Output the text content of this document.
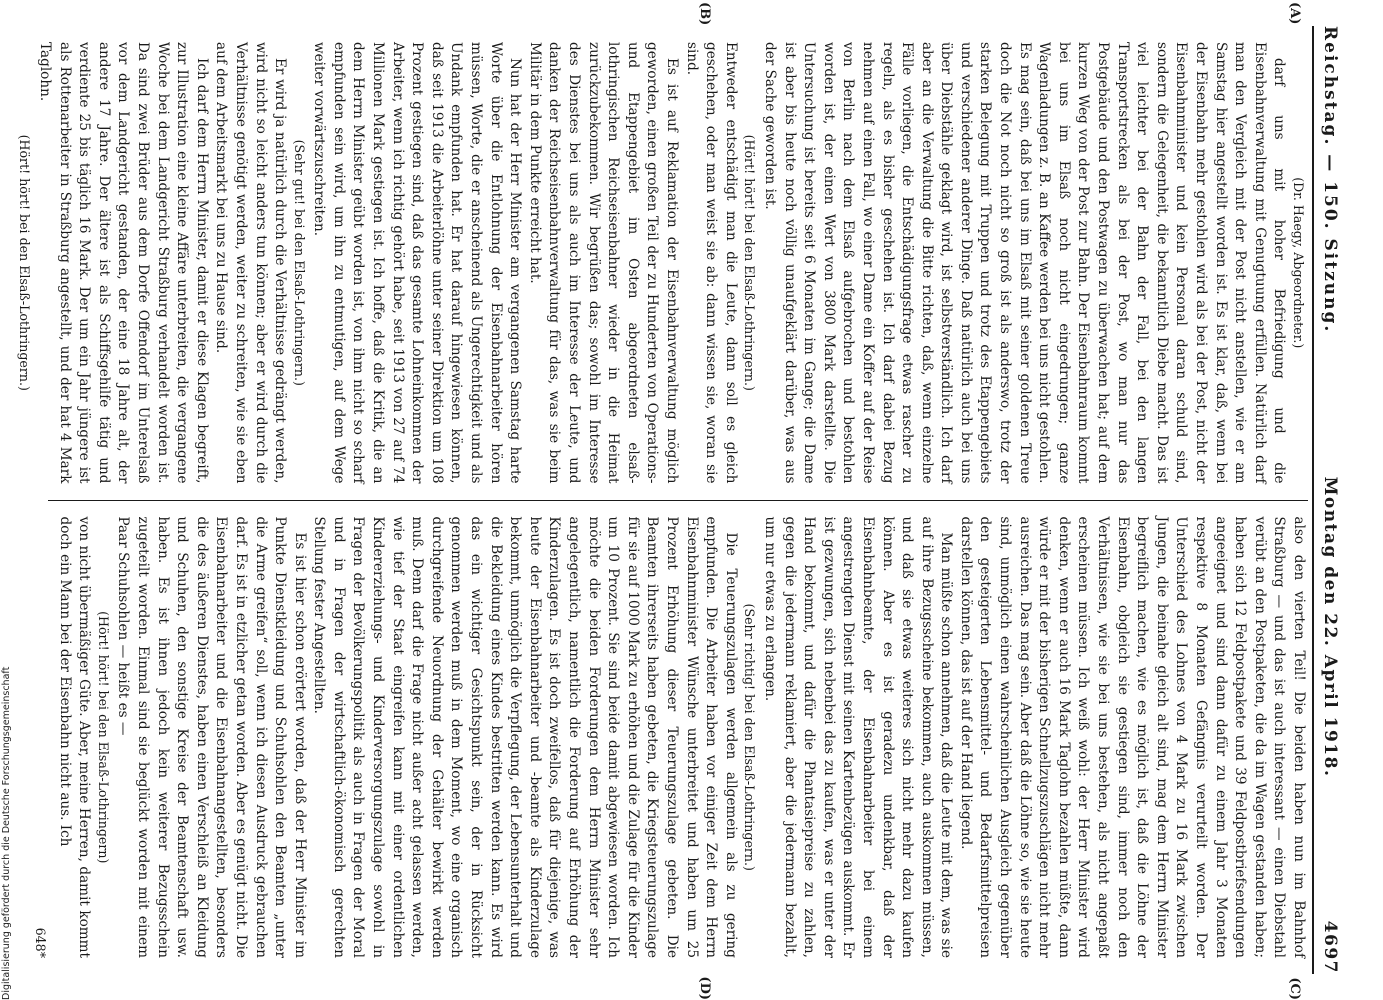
Reichstag. — 150. Sitzung.
Montag den 22. April 1918.
4697

(Dr. Haegy, Abgeordneter.)

darf uns mit hoher Befriedigung und die Eisenbahnverwaltung mit Genugtuung erfüllen. Natürlich darf man den Vergleich mit der Post nicht anstellen, wie er am Samstag hier angestellt worden ist. Es ist klar, daß, wenn bei der Eisenbahn mehr gestohlen wird als bei der Post, nicht der Eisenbahnminister und kein Personal daran schuld sind, sondern die Gelegenheit, die bekanntlich Diebe macht. Das ist viel leichter bei der Bahn der Fall, bei den langen Transportstrecken als bei der Post, wo man nur das Postgebäude und den Postwagen zu überwachen hat; auf dem kurzen Weg von der Post zur Bahn. Der Eisenbahnraum kommt bei uns im Elsaß noch nicht eingedrungen; ganze Wagenladungen z. B. an Kaffee werden bei uns nicht gestohlen. Es mag sein, daß bei uns im Elsaß mit seiner goldenen Treue doch die Not noch nicht so groß ist als anderswo, trotz der starken Belegung mit Truppen und trotz des Etappengebiets und verschiedener anderer Dinge. Daß natürlich auch bei uns über Diebstähle geklagt wird, ist selbstverständlich. Ich darf aber an die Verwaltung die Bitte richten, daß, wenn einzelne Fälle vorliegen, die Entschädigungsfrage etwas rascher zu regeln, als es bisher geschehen ist. Ich darf dabei Bezug nehmen auf einen Fall, wo einer Dame ein Koffer auf der Reise von Berlin nach dem Elsaß aufgebrochen und bestohlen worden ist, der einen Wert von 3800 Mark darstellte. Die Untersuchung ist bereits seit 6 Monaten im Gange; die Dame ist aber bis heute noch völlig unaufgeklärt darüber, was aus der Sache geworden ist.

(Hört! hört! bei den Elsaß-Lothringern.)

Entweder entschädigt man die Leute, dann soll es gleich geschehen, oder man weist sie ab: dann wissen sie, woran sie sind.

Es ist auf Reklamation der Eisenbahnverwaltung möglich geworden, einen großen Teil der zu Hunderten von Operations- und Etappengebiet im Osten abgeordneten elsaß-lothringischen Reichseisenbahner wieder in die Heimat zurückzubekommen. Wir begrüßen das; sowohl im Interesse des Dienstes bei uns als auch im Interesse der Leute, und danken der Reichseisenbahnverwaltung für das, was sie beim Militär in dem Punkte erreicht hat.

Nun hat der Herr Minister am vergangenen Samstag harte Worte über die Entlohnung der Eisenbahnarbeiter hören müssen, Worte, die er anscheinend als Ungerechtigkeit und als Undank empfunden hat. Er hat darauf hingewiesen können, daß seit 1913 die Arbeiterlöhne unter seiner Direktion um 108 Prozent gestiegen sind, daß das gesamte Lohneinkommen der Arbeiter, wenn ich richtig gehört habe, seit 1913 von 27 auf 74 Millionen Mark gestiegen ist. Ich hoffe, daß die Kritik, die an dem Herrn Minister geübt worden ist, von ihm nicht so scharf empfunden sein wird, um ihn zu entmutigen, auf dem Wege weiter vorwärtszuschreiten.

(Sehr gut! bei den Elsaß-Lothringern.)

Er wird ja natürlich durch die Verhältnisse gedrängt werden, wird nicht so leicht anders tun können; aber er wird durch die Verhältnisse genötigt werden, weiter zu schreiten, wie sie eben auf dem Arbeitsmarkt bei uns zu Hause sind.

Ich darf dem Herrn Minister, damit er diese Klagen begreift, zur Illustration eine kleine Affäre unterbreiten, die vergangene Woche bei dem Landgericht Straßburg verhandelt worden ist. Da sind zwei Brüder aus dem Dorfe Offendorf im Unterelsaß vor dem Landgericht gestanden, der eine 18 Jahre alt, der andere 17 Jahre. Der ältere ist als Schiffsgehilfe tätig und verdiente 25 bis täglich 16 Mark. Der um ein Jahr jüngere ist als Rottenarbeiter in Straßburg angestellt, und der hat 4 Mark Taglohn.

(Hört! hört! bei den Elsaß-Lothringern.)

also den vierten Teil! Die beiden haben nun im Bahnhof Straßburg — und das ist auch interessant — einen Diebstahl verübt an den Postpaketen, die da im Wagen gestanden haben; haben sich 12 Feldpostpakete und 39 Feldpostbriefsendungen angeeignet und sind dann dafür zu einem Jahr 3 Monaten respektive 8 Monaten Gefängnis verurteilt worden. Der Unterschied des Lohnes von 4 Mark zu 16 Mark zwischen Jungen, die beinahe gleich alt sind, mag dem Herrn Minister begreiflich machen, wie es möglich ist, daß die Löhne der Eisenbahn, obgleich sie gestiegen sind, immer noch den Verhältnissen, wie sie bei uns bestehen, als nicht angepaßt erscheinen müssen. Ich weiß wohl: der Herr Minister wird denken, wenn er auch 16 Mark Taglohn bezahlen müßte, dann würde er mit der bisherigen Schnellzugszuschlägen nicht mehr ausreichen. Das mag sein. Aber daß die Löhne so, wie sie heute sind, unmöglich einen wahrscheinlichen Ausgleich gegenüber den gesteigerten Lebensmittel- und Bedarfsmittelpreisen darstellen können, das ist auf der Hand liegend.

Man müßte schon annehmen, daß die Leute mit dem, was sie auf ihre Bezugsscheine bekommen, auch auskommen müssen, und daß sie etwas weiteres sich nicht mehr dazu kaufen können. Aber es ist geradezu undenkbar, daß der Eisenbahnbeamte, der Eisenbahnarbeiter bei einem angestrengten Dienst mit seinen Kartenbezügen auskommt. Er ist gezwungen, sich nebenbei das zu kaufen, was er unter der Hand bekommt, und dafür die Phantasiepreise zu zahlen, gegen die jedermann reklamiert, aber die jedermann bezahlt, um nur etwas zu erlangen.

(Sehr richtig! bei den Elsaß-Lothringern.)

Die Teuerungszulagen werden allgemein als zu gering empfunden. Die Arbeiter haben vor einiger Zeit dem Herrn Eisenbahnminister Wünsche unterbreitet und haben um 25 Prozent Erhöhung dieser Teuerungszulage gebeten. Die Beamten ihrerseits haben gebeten, die Kriegsteuerungszulage für sie auf 1000 Mark zu erhöhen und die Zulage für die Kinder um 10 Prozent. Sie sind beide damit abgewiesen worden. Ich möchte die beiden Forderungen dem Herrn Minister sehr angelegentlich, namentlich die Forderung auf Erhöhung der Kinderzulagen. Es ist doch zweifellos, daß für diejenige, was heute der Eisenbahnarbeiter und -beamte als Kinderzulage bekommt, unmöglich die Verpflegung, der Lebensunterhalt und die Bekleidung eines Kindes bestritten werden kann. Es wird das ein wichtiger Gesichtspunkt sein, der in Rücksicht genommen werden muß in dem Moment, wo eine organisch durchgreifende Neuordnung der Gehälter bewirkt werden muß. Denn darf die Frage nicht außer acht gelassen werden, wie tief der Staat eingreifen kann mit einer ordentlichen Kindererziehungs- und Kinderversorgungszulage sowohl in Fragen der Bevölkerungspolitik als auch in Fragen der Moral und in Fragen der wirtschaftlich-ökonomisch gerechten Stellung fester Angestellten.

Es ist hier schon erörtert worden, daß der Herr Minister im Punkte Dienstkleidung und Schuhsohlen den Beamten „unter die Arme greifen“ soll, wenn ich diesen Ausdruck gebrauchen darf. Es ist in etzlicher getan worden. Aber es genügt nicht. Die Eisenbahnarbeiter und die Eisenbahnangestellten, besonders die des äußeren Dienstes, haben einen Verschleiß an Kleidung und Schuhen, den sonstige Kreise der Beamtenschaft usw. haben. Es ist ihnen jedoch kein weiterer Bezugsschein zugeteilt worden. Einmal sind sie beglückt worden mit einem Paar Schuhsohlen — heißt es —

(Hört! hört! bei den Elsaß-Lothringern)

von nicht übermäßiger Güte. Aber, meine Herren, damit kommt doch ein Mann bei der Eisenbahn nicht aus. Ich

648*

(A)
(B)
(C)
(D)
Digitalisierung gefördert durch die Deutsche Forschungsgemeinschaft
